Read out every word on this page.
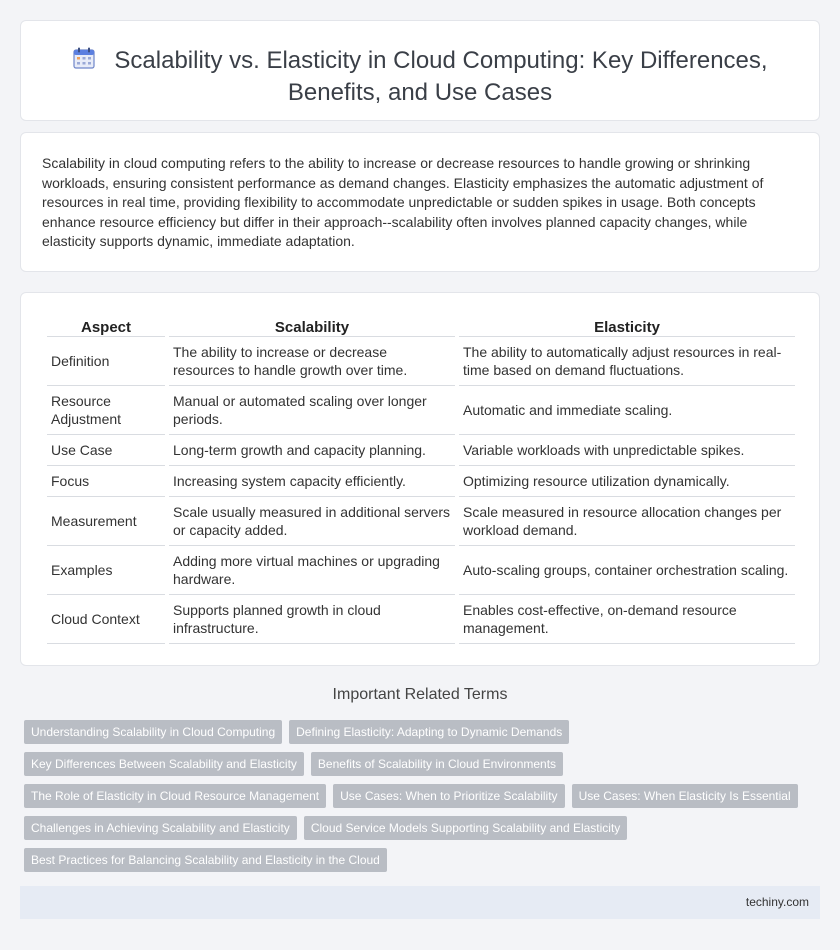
Scalability vs. Elasticity in Cloud Computing: Key Differences, Benefits, and Use Cases

Scalability in cloud computing refers to the ability to increase or decrease resources to handle growing or shrinking workloads, ensuring consistent performance as demand changes. Elasticity emphasizes the automatic adjustment of resources in real time, providing flexibility to accommodate unpredictable or sudden spikes in usage. Both concepts enhance resource efficiency but differ in their approach--scalability often involves planned capacity changes, while elasticity supports dynamic, immediate adaptation.

Aspect	Scalability	Elasticity
Definition	The ability to increase or decrease resources to handle growth over time.	The ability to automatically adjust resources in real-time based on demand fluctuations.
Resource Adjustment	Manual or automated scaling over longer periods.	Automatic and immediate scaling.
Use Case	Long-term growth and capacity planning.	Variable workloads with unpredictable spikes.
Focus	Increasing system capacity efficiently.	Optimizing resource utilization dynamically.
Measurement	Scale usually measured in additional servers or capacity added.	Scale measured in resource allocation changes per workload demand.
Examples	Adding more virtual machines or upgrading hardware.	Auto-scaling groups, container orchestration scaling.
Cloud Context	Supports planned growth in cloud infrastructure.	Enables cost-effective, on-demand resource management.
Important Related Terms
Understanding Scalability in Cloud Computing Defining Elasticity: Adapting to Dynamic Demands
Key Differences Between Scalability and Elasticity Benefits of Scalability in Cloud Environments
The Role of Elasticity in Cloud Resource Management Use Cases: When to Prioritize Scalability Use Cases: When Elasticity Is Essential
Challenges in Achieving Scalability and Elasticity Cloud Service Models Supporting Scalability and Elasticity
Best Practices for Balancing Scalability and Elasticity in the Cloud
techiny.com
